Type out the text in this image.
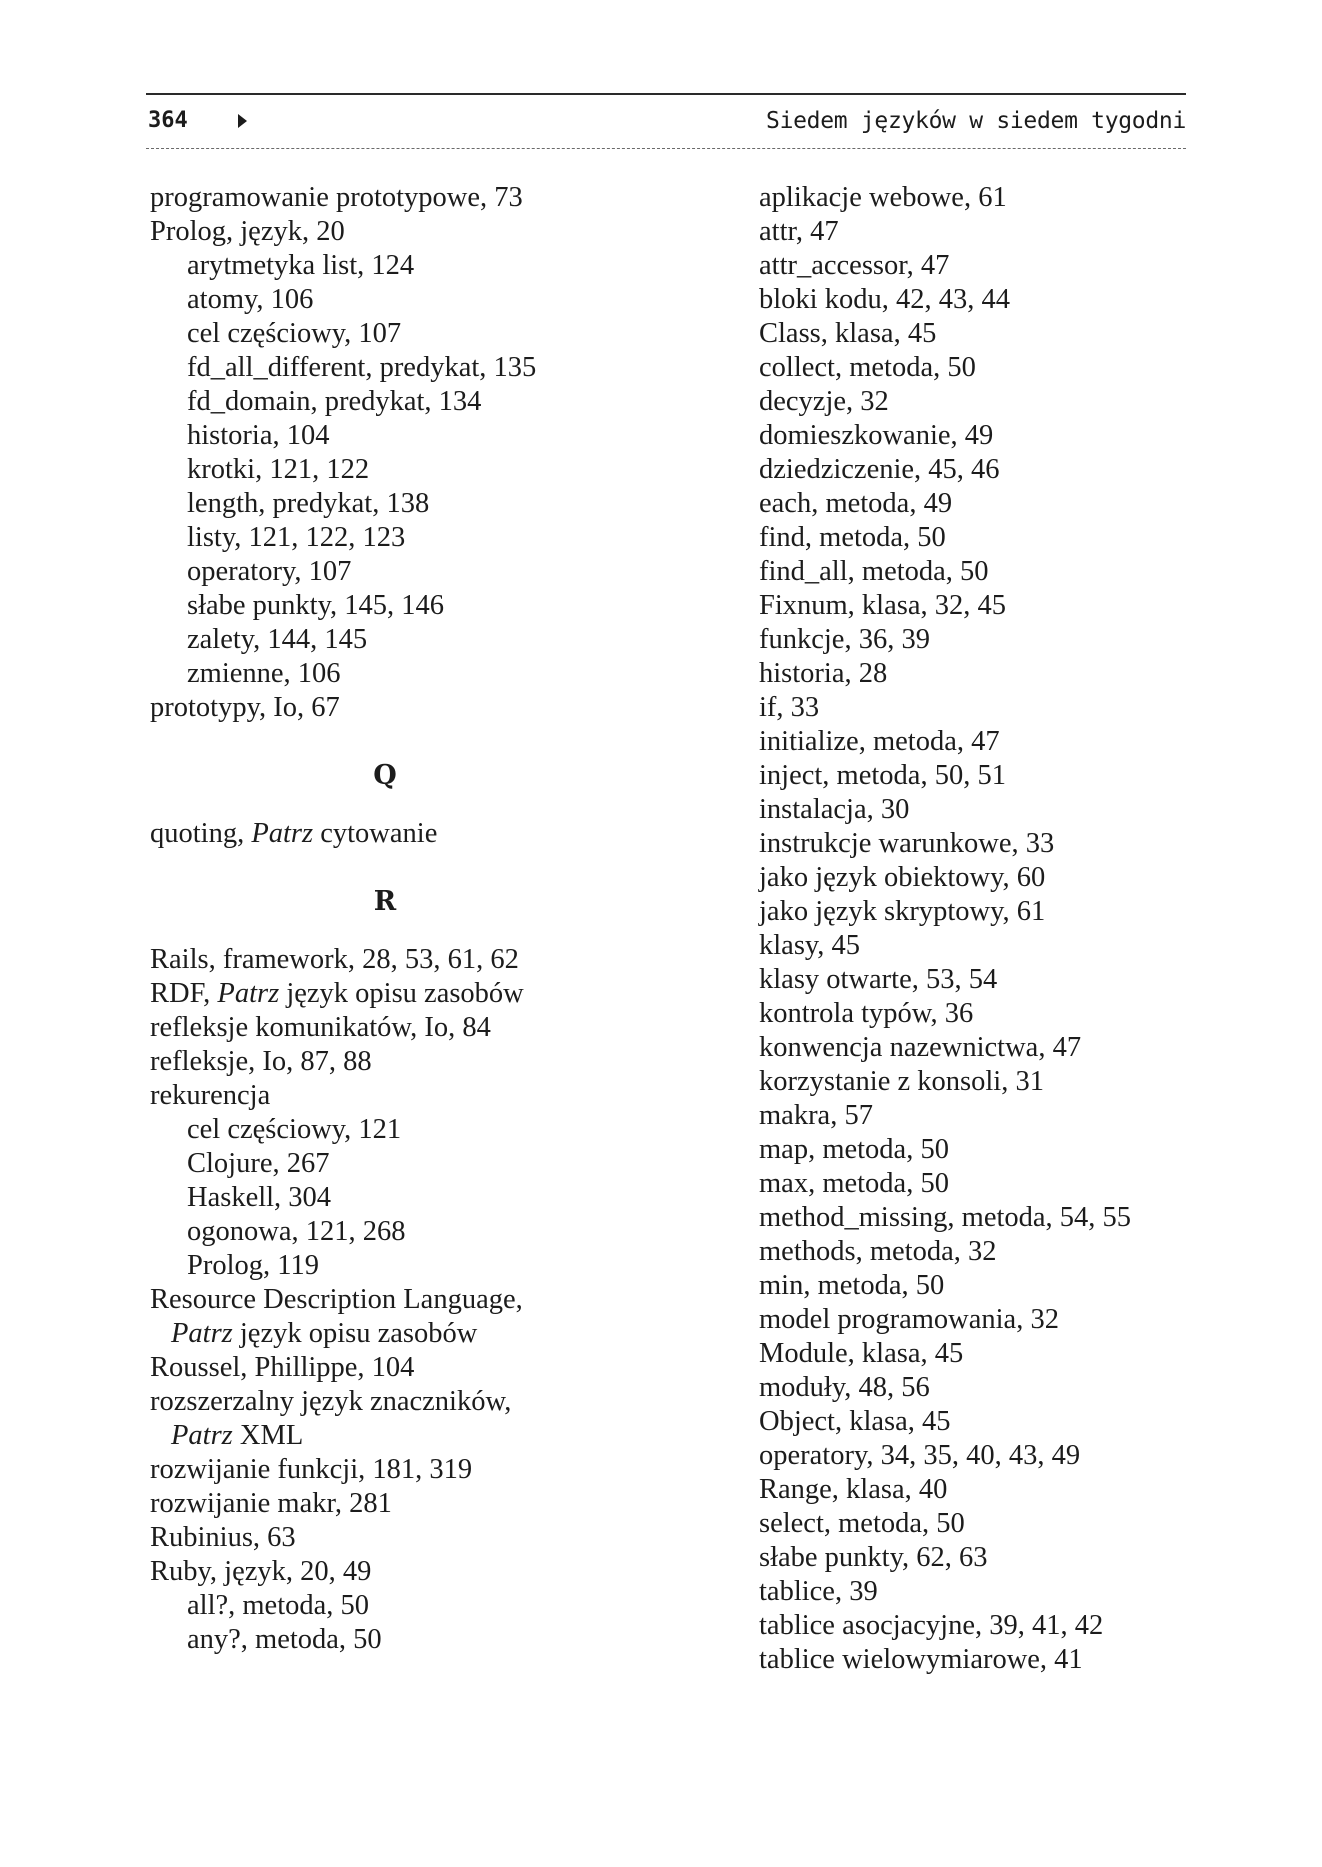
364	Siedem języków w siedem tygodni
programowanie prototypowe, 73
Prolog, język, 20
arytmetyka list, 124
atomy, 106
cel częściowy, 107
fd_all_different, predykat, 135
fd_domain, predykat, 134
historia, 104
krotki, 121, 122
length, predykat, 138
listy, 121, 122, 123
operatory, 107
słabe punkty, 145, 146
zalety, 144, 145
zmienne, 106
prototypy, Io, 67
Q
quoting, Patrz cytowanie
R
Rails, framework, 28, 53, 61, 62
RDF, Patrz język opisu zasobów
refleksje komunikatów, Io, 84
refleksje, Io, 87, 88
rekurencja
cel częściowy, 121
Clojure, 267
Haskell, 304
ogonowa, 121, 268
Prolog, 119
Resource Description Language,
Patrz język opisu zasobów
Roussel, Phillippe, 104
rozszerzalny język znaczników,
Patrz XML
rozwijanie funkcji, 181, 319
rozwijanie makr, 281
Rubinius, 63
Ruby, język, 20, 49
all?, metoda, 50
any?, metoda, 50
aplikacje webowe, 61
attr, 47
attr_accessor, 47
bloki kodu, 42, 43, 44
Class, klasa, 45
collect, metoda, 50
decyzje, 32
domieszkowanie, 49
dziedziczenie, 45, 46
each, metoda, 49
find, metoda, 50
find_all, metoda, 50
Fixnum, klasa, 32, 45
funkcje, 36, 39
historia, 28
if, 33
initialize, metoda, 47
inject, metoda, 50, 51
instalacja, 30
instrukcje warunkowe, 33
jako język obiektowy, 60
jako język skryptowy, 61
klasy, 45
klasy otwarte, 53, 54
kontrola typów, 36
konwencja nazewnictwa, 47
korzystanie z konsoli, 31
makra, 57
map, metoda, 50
max, metoda, 50
method_missing, metoda, 54, 55
methods, metoda, 32
min, metoda, 50
model programowania, 32
Module, klasa, 45
moduły, 48, 56
Object, klasa, 45
operatory, 34, 35, 40, 43, 49
Range, klasa, 40
select, metoda, 50
słabe punkty, 62, 63
tablice, 39
tablice asocjacyjne, 39, 41, 42
tablice wielowymiarowe, 41
